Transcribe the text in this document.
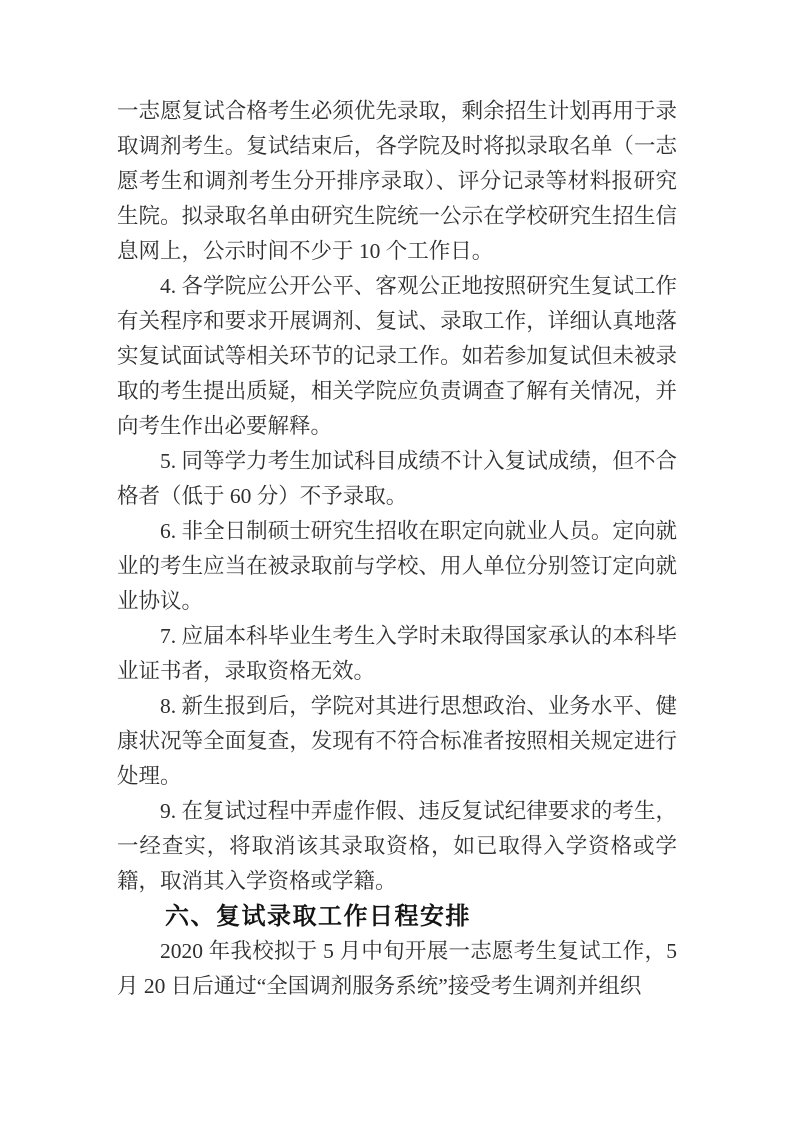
一志愿复试合格考生必须优先录取，剩余招生计划再用于录取调剂考生。复试结束后，各学院及时将拟录取名单（一志愿考生和调剂考生分开排序录取）、评分记录等材料报研究生院。拟录取名单由研究生院统一公示在学校研究生招生信息网上，公示时间不少于 10 个工作日。

4. 各学院应公开公平、客观公正地按照研究生复试工作有关程序和要求开展调剂、复试、录取工作，详细认真地落实复试面试等相关环节的记录工作。如若参加复试但未被录取的考生提出质疑，相关学院应负责调查了解有关情况，并向考生作出必要解释。

5. 同等学力考生加试科目成绩不计入复试成绩，但不合格者（低于 60 分）不予录取。

6. 非全日制硕士研究生招收在职定向就业人员。定向就业的考生应当在被录取前与学校、用人单位分别签订定向就业协议。

7. 应届本科毕业生考生入学时未取得国家承认的本科毕业证书者，录取资格无效。

8. 新生报到后，学院对其进行思想政治、业务水平、健康状况等全面复查，发现有不符合标准者按照相关规定进行处理。

9. 在复试过程中弄虚作假、违反复试纪律要求的考生，一经查实，将取消该其录取资格，如已取得入学资格或学籍，取消其入学资格或学籍。

六、复试录取工作日程安排

2020 年我校拟于 5 月中旬开展一志愿考生复试工作，5 月 20 日后通过“全国调剂服务系统”接受考生调剂并组织
